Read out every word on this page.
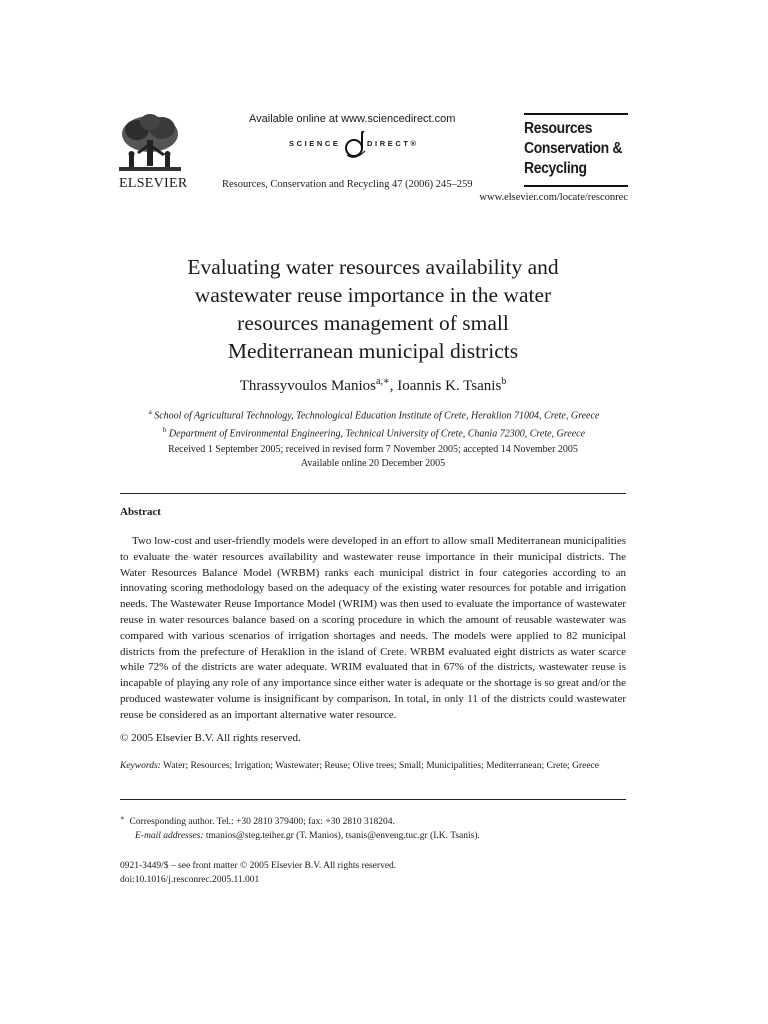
ELSEVIER
Available online at www.sciencedirect.com
SCIENCE	DIRECT®
Resources, Conservation and Recycling 47 (2006) 245–259
Resources
Conservation &
Recycling
www.elsevier.com/locate/resconrec
Evaluating water resources availability and
wastewater reuse importance in the water
resources management of small
Mediterranean municipal districts
Thrassyvoulos Manios$^{a,∗}$, Ioannis K. Tsanis$^b$
$^a$ School of Agricultural Technology, Technological Education Institute of Crete, Heraklion 71004, Crete, Greece
$^b$ Department of Environmental Engineering, Technical University of Crete, Chania 72300, Crete, Greece
Received 1 September 2005; received in revised form 7 November 2005; accepted 14 November 2005
Available online 20 December 2005
Abstract

Two low-cost and user-friendly models were developed in an effort to allow small Mediterranean municipalities to evaluate the water resources availability and wastewater reuse importance in their municipal districts. The Water Resources Balance Model (WRBM) ranks each municipal district in four categories according to an innovating scoring methodology based on the adequacy of the existing water resources for potable and irrigation needs. The Wastewater Reuse Importance Model (WRIM) was then used to evaluate the importance of wastewater reuse in water resources balance based on a scoring procedure in which the amount of reusable wastewater was compared with various scenarios of irrigation shortages and needs. The models were applied to 82 municipal districts from the prefecture of Heraklion in the island of Crete. WRBM evaluated eight districts as water scarce while 72% of the districts are water adequate. WRIM evaluated that in 67% of the districts, wastewater reuse is incapable of playing any role of any importance since either water is adequate or the shortage is so great and/or the produced wastewater volume is insignificant by comparison. In total, in only 11 of the districts could wastewater reuse be considered as an important alternative water resource.

© 2005 Elsevier B.V. All rights reserved.
Keywords: Water; Resources; Irrigation; Wastewater; Reuse; Olive trees; Small; Municipalities; Mediterranean; Crete; Greece
∗ Corresponding author. Tel.: +30 2810 379400; fax: +30 2810 318204.
E-mail addresses: tmanios@steg.teiher.gr (T. Manios), tsanis@enveng.tuc.gr (I.K. Tsanis).
0921-3449/$ – see front matter © 2005 Elsevier B.V. All rights reserved.
doi:10.1016/j.resconrec.2005.11.001
